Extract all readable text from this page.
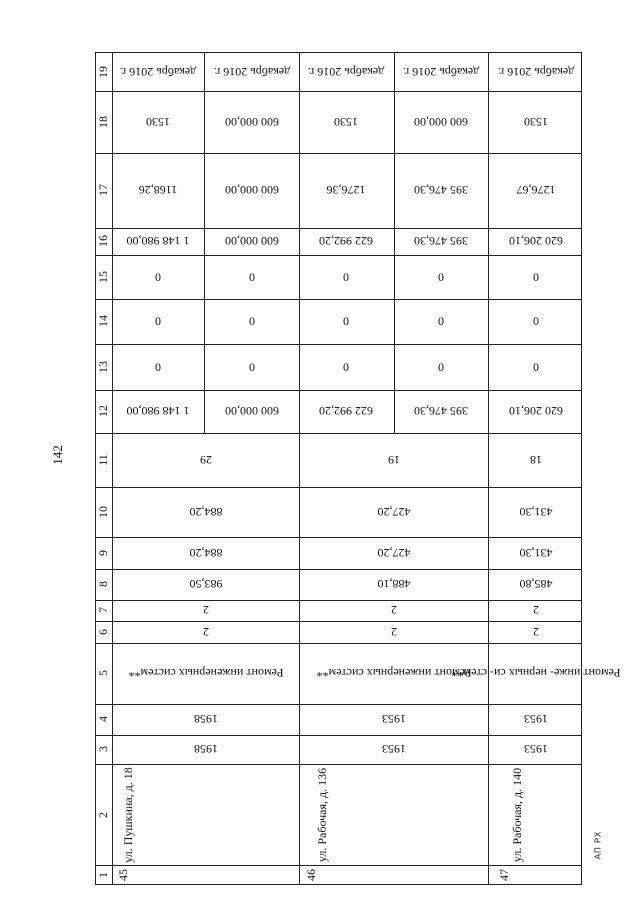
142
АП РХ
19
18
17
16
15
14
13
12
11
10
9
8
7
6
5
4
3
2
1
декабрь 2016 г.
1530
1168,26
1 148 980,00
0
0
0
1 148 980,00
декабрь 2016 г.
600 000,00
600 000,00
600 000,00
0
0
0
600 000,00
29
884,20
884,20
983,50
2
2
Ремонт инженерных систем**
1958
1958
ул. Пушкина, д. 18
45
декабрь 2016 г.
1530
1276,36
622 992,20
0
0
0
622 992,20
декабрь 2016 г.
600 000,00
395 476,30
395 476,30
0
0
0
395 476,30
19
427,20
427,20
488,10
2
2
Ремонт инженерных систем**
1953
1953
ул. Рабочая, д. 136
46
декабрь 2016 г.
1530
1276,67
620 206,10
0
0
0
620 206,10
18
431,30
431,30
485,80
2
2
Ремонт инже- нерных си- стем**
1953
1953
ул. Рабочая, д. 140
47
